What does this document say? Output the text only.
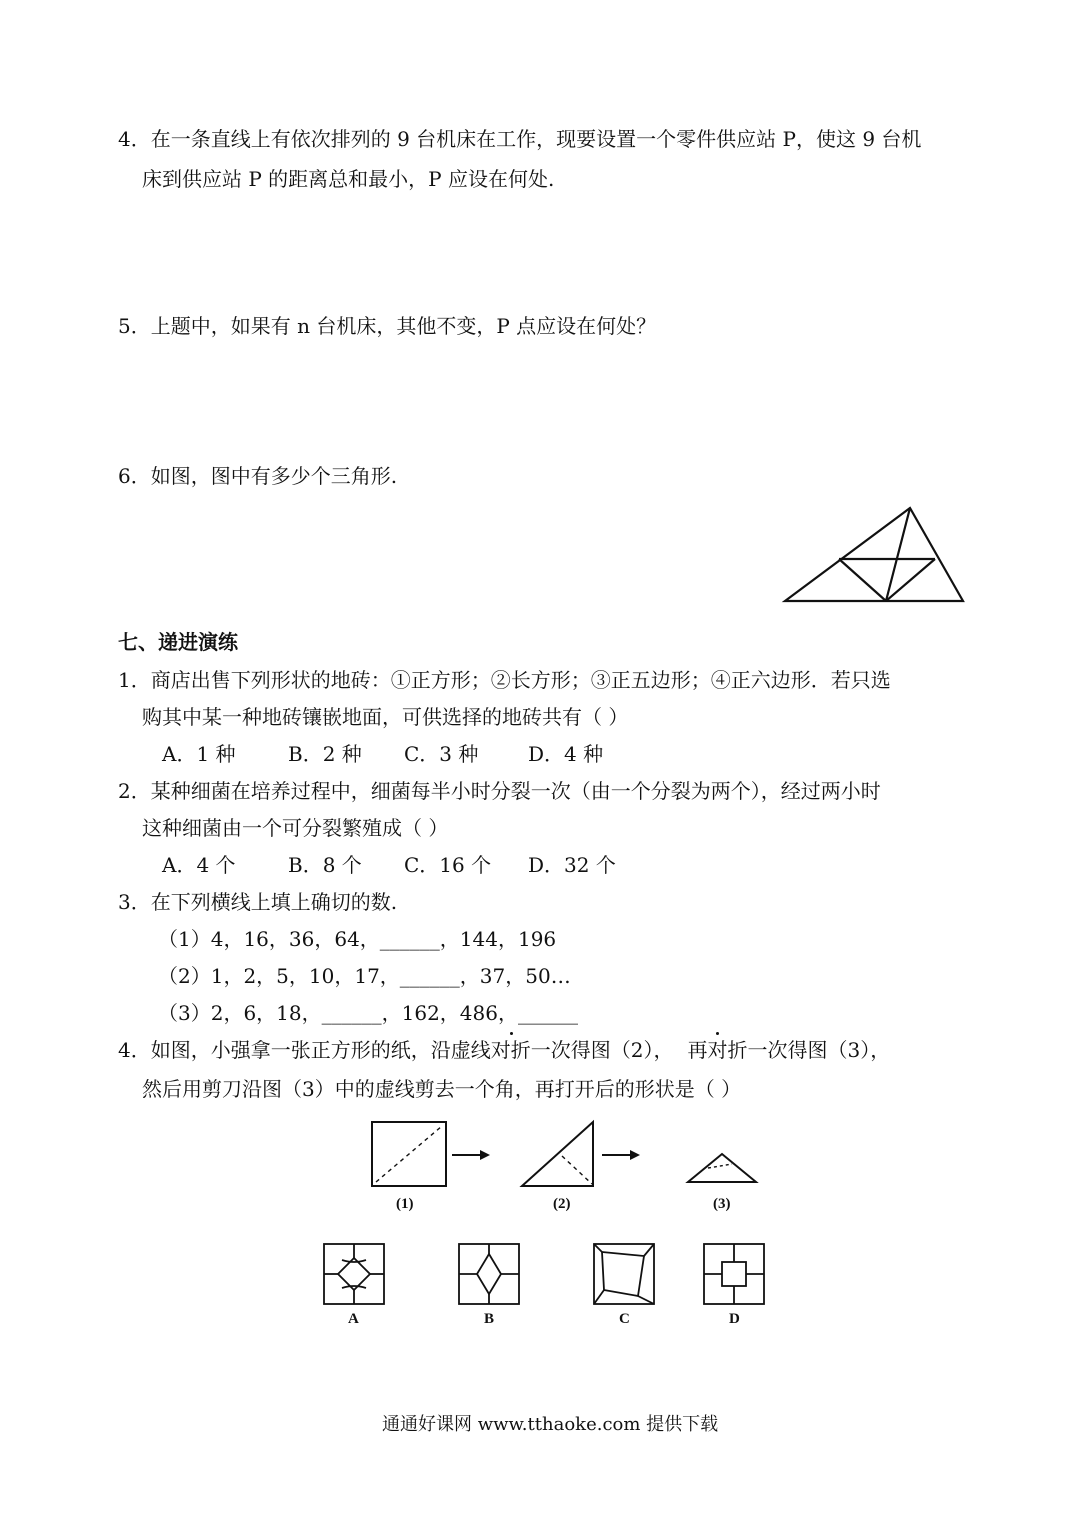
4．在一条直线上有依次排列的 9 台机床在工作，现要设置一个零件供应站 P，使这 9 台机
床到供应站 P 的距离总和最小，P 应设在何处.
5．上题中，如果有 n 台机床，其他不变，P 点应设在何处？
6．如图，图中有多少个三角形.
七、递进演练
1．商店出售下列形状的地砖：①正方形；②长方形；③正五边形；④正六边形．若只选
购其中某一种地砖镶嵌地面，可供选择的地砖共有（ ）
A．1 种	B．2 种 C．3 种 D．4 种
2．某种细菌在培养过程中，细菌每半小时分裂一次（由一个分裂为两个），经过两小时
这种细菌由一个可分裂繁殖成（ ）
A．4 个	B．8 个 C．16 个 D．32 个
3．在下列横线上填上确切的数.
（1）4，16，36，64，______，144，196
（2）1，2，5，10，17，______，37，50…
（3）2，6，18，______，162，486，______
4．如图，小强拿一张正方形的纸，沿虚线对折一次得图（2）， 再对折一次得图（3），
然后用剪刀沿图（3）中的虚线剪去一个角，再打开后的形状是（ ）
(1)	(2)	(3)
A	B	C	D
通通好课网 www.tthaoke.com 提供下载
